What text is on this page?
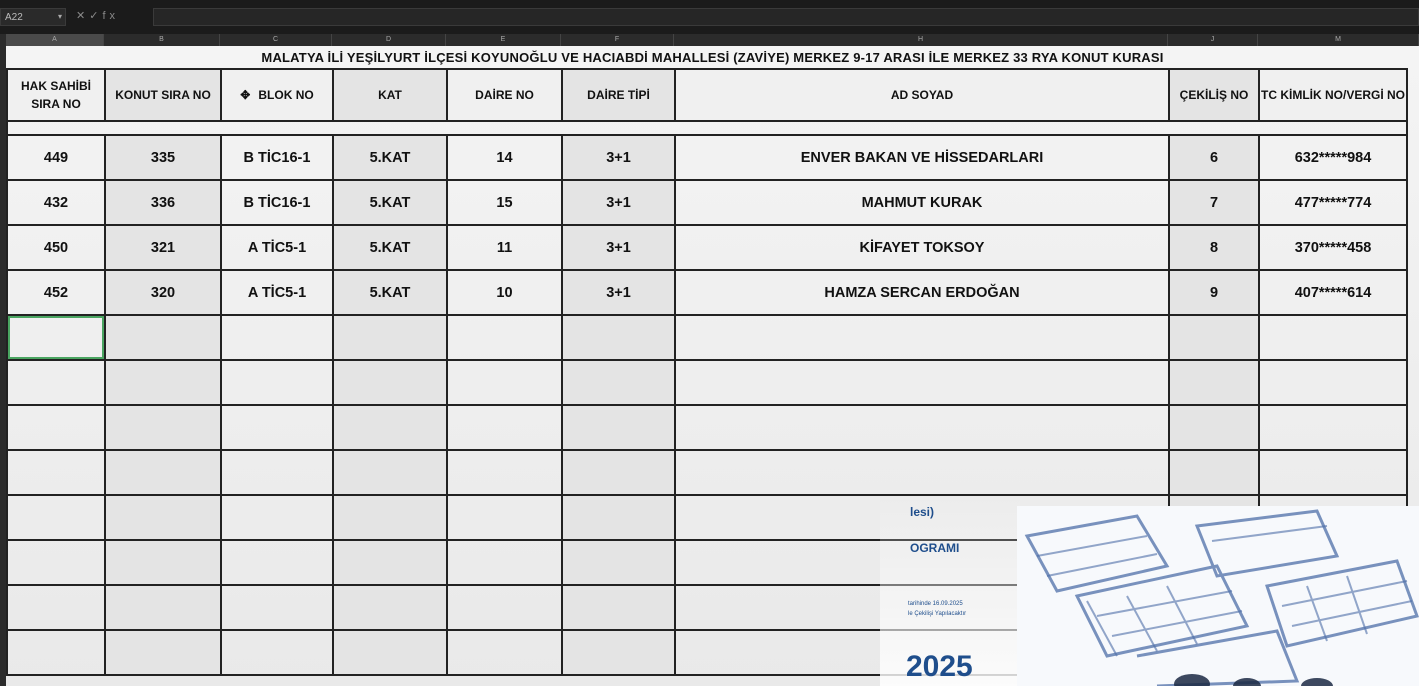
A22	▾ ✕✓fx
A	B	C	D	E	F	H	J	M
MALATYA İLİ YEŞİLYURT İLÇESİ KOYUNOĞLU VE HACIABDİ MAHALLESİ (ZAVİYE) MERKEZ 9-17 ARASI İLE MERKEZ 33 RYA KONUT KURASI
HAK SAHİBİ SIRA NO	KONUT SIRA NO	✥ BLOK NO	KAT	DAİRE NO	DAİRE TİPİ	AD SOYAD	ÇEKİLİŞ NO	TC KİMLİK NO/VERGİ NO

449	335	B TİC16-1	5.KAT	14	3+1	ENVER BAKAN VE HİSSEDARLARI	6	632*****984
432	336	B TİC16-1	5.KAT	15	3+1	MAHMUT KURAK	7	477*****774
450	321	A TİC5-1	5.KAT	11	3+1	KİFAYET TOKSOY	8	370*****458
452	320	A TİC5-1	5.KAT	10	3+1	HAMZA SERCAN ERDOĞAN	9	407*****614

lesi)
OGRAMI
tarihinde 16.09.2025
le Çekilişi Yapılacaktır
2025
